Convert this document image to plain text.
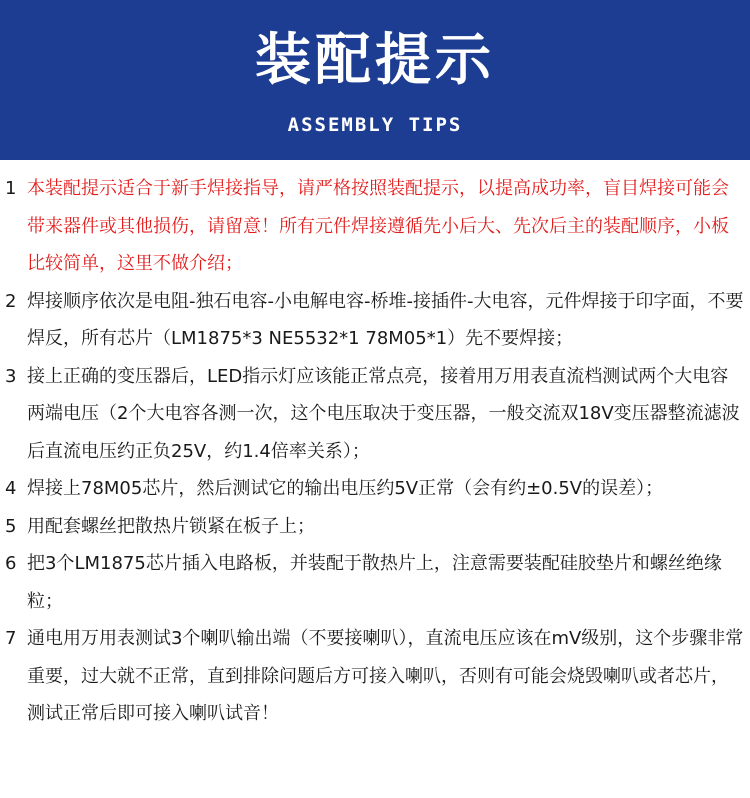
装配提示
ASSEMBLY TIPS
1 本装配提示适合于新手焊接指导，请严格按照装配提示，以提高成功率，盲目焊接可能会带来器件或其他损伤，请留意！所有元件焊接遵循先小后大、先次后主的装配顺序，小板比较简单，这里不做介绍；
2 焊接顺序依次是电阻-独石电容-小电解电容-桥堆-接插件-大电容，元件焊接于印字面，不要焊反，所有芯片（LM1875*3 NE5532*1 78M05*1）先不要焊接；
3 接上正确的变压器后，LED指示灯应该能正常点亮，接着用万用表直流档测试两个大电容两端电压（2个大电容各测一次，这个电压取决于变压器，一般交流双18V变压器整流滤波后直流电压约正负25V，约1.4倍率关系）；
4 焊接上78M05芯片，然后测试它的输出电压约5V正常（会有约±0.5V的误差）；
5 用配套螺丝把散热片锁紧在板子上；
6 把3个LM1875芯片插入电路板，并装配于散热片上，注意需要装配硅胶垫片和螺丝绝缘粒；
7 通电用万用表测试3个喇叭输出端（不要接喇叭），直流电压应该在mV级别，这个步骤非常重要，过大就不正常，直到排除问题后方可接入喇叭，否则有可能会烧毁喇叭或者芯片，测试正常后即可接入喇叭试音！
